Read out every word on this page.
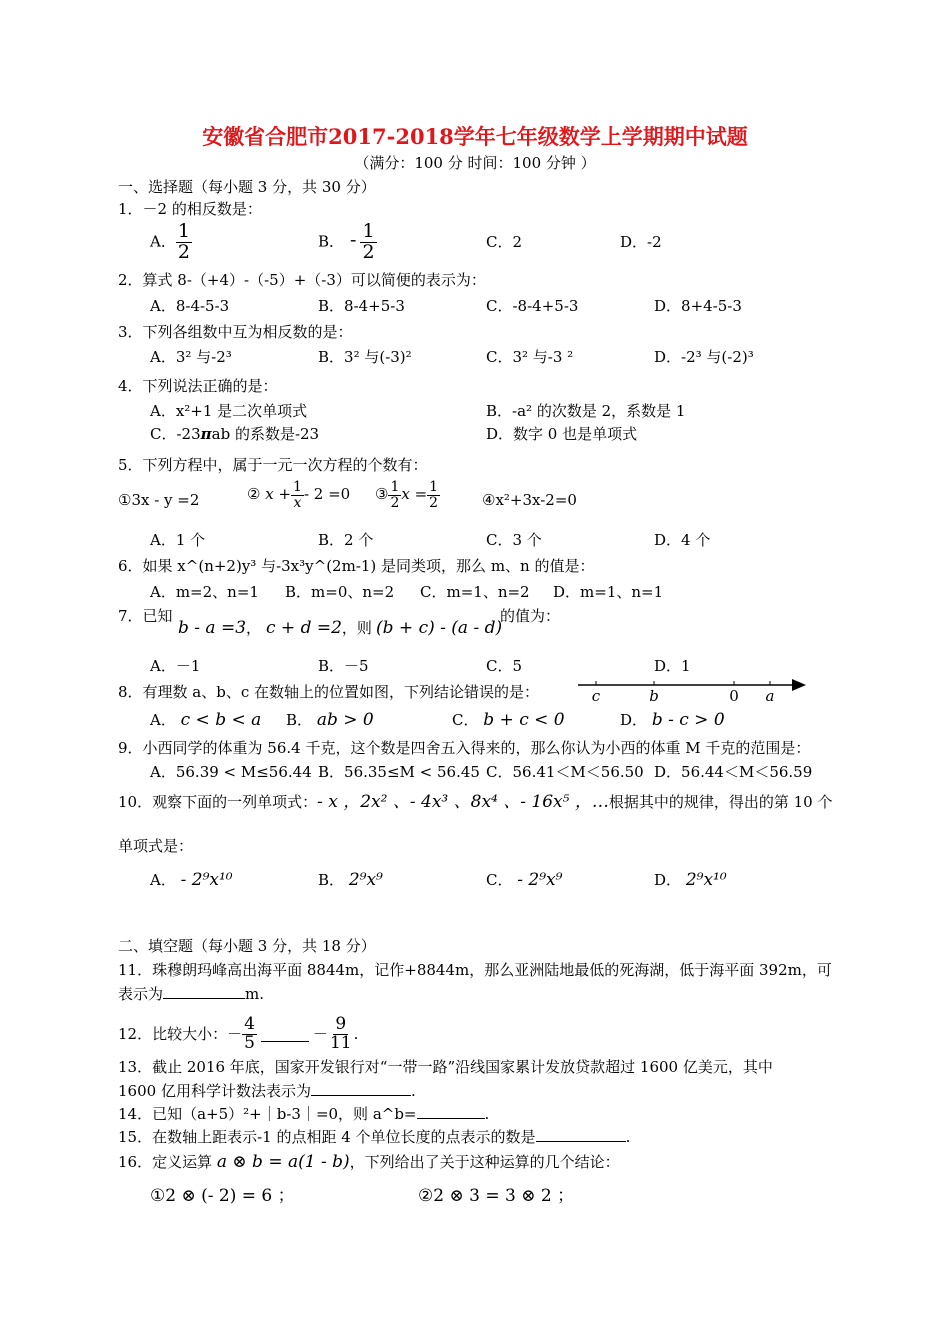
安徽省合肥市2017-2018学年七年级数学上学期期中试题
（满分：100 分 时间：100 分钟 ）
一、选择题（每小题 3 分，共 30 分）
1．－2 的相反数是：
A． $\frac{1}{2}$	B． - $\frac{1}{2}$	C．2	D．-2
2．算式 8-（+4）-（-5）+（-3）可以简便的表示为：
A．8-4-5-3	B．8-4+5-3	C．-8-4+5-3	D．8+4-5-3
3．下列各组数中互为相反数的是：
A．3² 与-2³	B．3² 与(-3)²	C．3² 与-3 ²	D．-2³ 与(-2)³
4．下列说法正确的是：
A．x²+1 是二次单项式	B．-a² 的次数是 2，系数是 1
C．-23πab 的系数是-23	D．数字 0 也是单项式
5．下列方程中，属于一元一次方程的个数有：
①3x - y =2	② $x + \frac{1}{x} - 2 =0$ ③ $\frac{1}{2}$ $x = \frac{1}{2}$	④x²+3x-2=0
A．1 个	B．2 个	C．3 个	D．4 个
6．如果 x^(n+2)y³ 与-3x³y^(2m-1) 是同类项，那么 m、n 的值是：
A．m=2、n=1 B．m=0、n=2 C．m=1、n=2 D．m=1、n=1
7．已知
b - a =3， c + d =2，则 (b + c) - (a - d)
的值为：
A．－1	B．－5	C．5	D．1
8．有理数 a、b、c 在数轴上的位置如图，下列结论错误的是：	c	b	0 a
A． c < b < a B． ab > 0	C． b + c < 0	D． b - c > 0
9．小西同学的体重为 56.4 千克，这个数是四舍五入得来的，那么你认为小西的体重 M 千克的范围是：
A．56.39 < M≤56.44 B．56.35≤M < 56.45 C．56.41＜M＜56.50 D．56.44＜M＜56.59
10．观察下面的一列单项式：- x ，2x² 、- 4x³ 、8x⁴ 、- 16x⁵ ，…根据其中的规律，得出的第 10 个
单项式是：
A． - 2⁹x¹⁰	B． 2⁹x⁹	C． - 2⁹x⁹	D． 2⁹x¹⁰
二、填空题（每小题 3 分，共 18 分）
11．珠穆朗玛峰高出海平面 8844m，记作+8844m，那么亚洲陆地最低的死海湖，低于海平面 392m，可
表示为	m.
12．比较大小：－ $\frac{4}{5}$	－ $\frac{9}{11}$ .
13．截止 2016 年底，国家开发银行对“一带一路”沿线国家累计发放贷款超过 1600 亿美元，其中
1600 亿用科学计数法表示为	.
14．已知（a+5）²+｜b-3｜=0，则 a^b=	.
15．在数轴上距表示-1 的点相距 4 个单位长度的点表示的数是	.
16．定义运算 a ⊗ b = a(1 - b)，下列给出了关于这种运算的几个结论：
①2 ⊗ (- 2) = 6 ；	②2 ⊗ 3 = 3 ⊗ 2 ；
